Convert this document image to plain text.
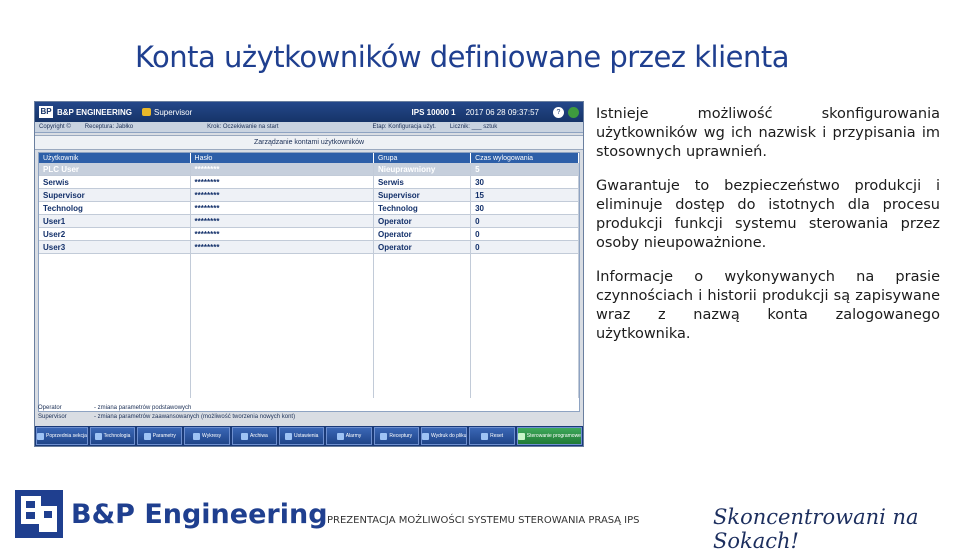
Konta użytkowników definiowane przez klienta
BP B&P ENGINEERING	Supervisor	IPS 10000 1 2017 06 28 09:37:57	?
Copyright © Receptura: Jabłko	Krok: Oczekiwanie na start	Etap: Konfiguracja użyt. Licznik: ___ sztuk
Zarządzanie kontami użytkowników
Użytkownik	Hasło	Grupa	Czas wylogowania
PLC User	********	Nieuprawniony	5
Serwis	********	Serwis	30
Supervisor	********	Supervisor	15
Technolog	********	Technolog	30
User1	********	Operator	0
User2	********	Operator	0
User3	********	Operator	0

Operator	- zmiana parametrów podstawowych
Supervisor	- zmiana parametrów zaawansowanych (możliwość tworzenia nowych kont)
Poprzednia sekcja	Technologia	Parametry	Wykresy	Archiwa	Ustawienia	Alarmy	Receptury	Wydruk do pliku	Reset	Sterowanie programowe

Istnieje możliwość skonfigurowania użytkowników wg ich nazwisk i przypisania im stosownych uprawnień.

Gwarantuje to bezpieczeństwo produkcji i eliminuje dostęp do istotnych dla procesu produkcji funkcji systemu sterowania przez osoby nieupoważnione.

Informacje o wykonywanych na prasie czynnościach i historii produkcji są zapisywane wraz z nazwą konta zalogowanego użytkownika.

B&P Engineering PREZENTACJA MOŻLIWOŚCI SYSTEMU STEROWANIA PRASĄ IPS	Skoncentrowani na Sokach!
